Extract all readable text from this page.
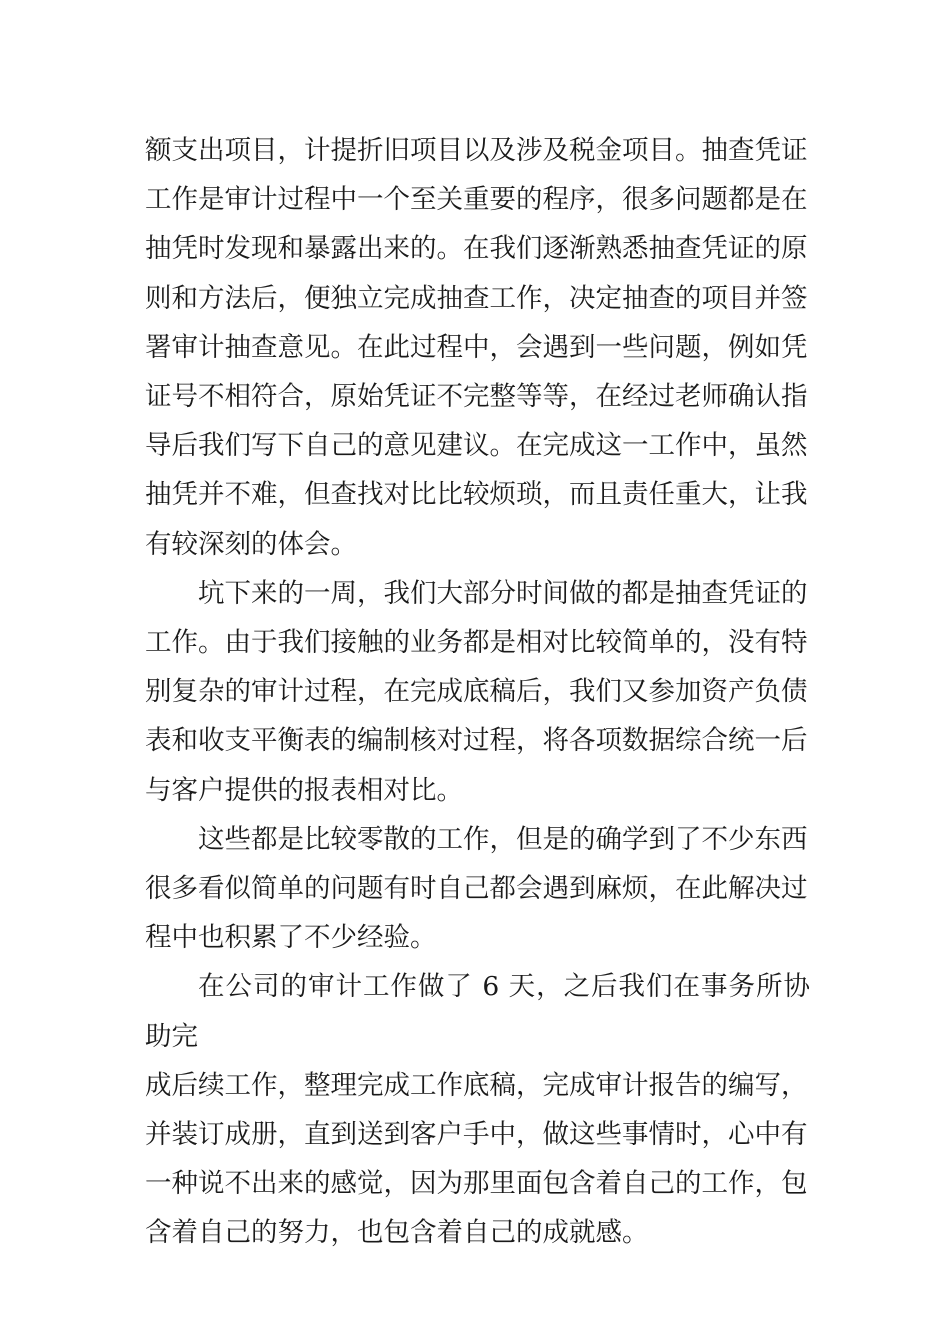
额支出项目，计提折旧项目以及涉及税金项目。抽查凭证
工作是审计过程中一个至关重要的程序，很多问题都是在
抽凭时发现和暴露出来的。在我们逐渐熟悉抽查凭证的原
则和方法后，便独立完成抽查工作，决定抽查的项目并签
署审计抽查意见。在此过程中，会遇到一些问题，例如凭
证号不相符合，原始凭证不完整等等，在经过老师确认指
导后我们写下自己的意见建议。在完成这一工作中，虽然
抽凭并不难，但查找对比比较烦琐，而且责任重大，让我
有较深刻的体会。
坑下来的一周，我们大部分时间做的都是抽查凭证的
工作。由于我们接触的业务都是相对比较简单的，没有特
别复杂的审计过程，在完成底稿后，我们又参加资产负债
表和收支平衡表的编制核对过程，将各项数据综合统一后
与客户提供的报表相对比。
这些都是比较零散的工作，但是的确学到了不少东西
很多看似简单的问题有时自己都会遇到麻烦，在此解决过
程中也积累了不少经验。
在公司的审计工作做了 6 天，之后我们在事务所协助完
成后续工作，整理完成工作底稿，完成审计报告的编写，
并装订成册，直到送到客户手中，做这些事情时，心中有
一种说不出来的感觉，因为那里面包含着自己的工作，包
含着自己的努力，也包含着自己的成就感。
